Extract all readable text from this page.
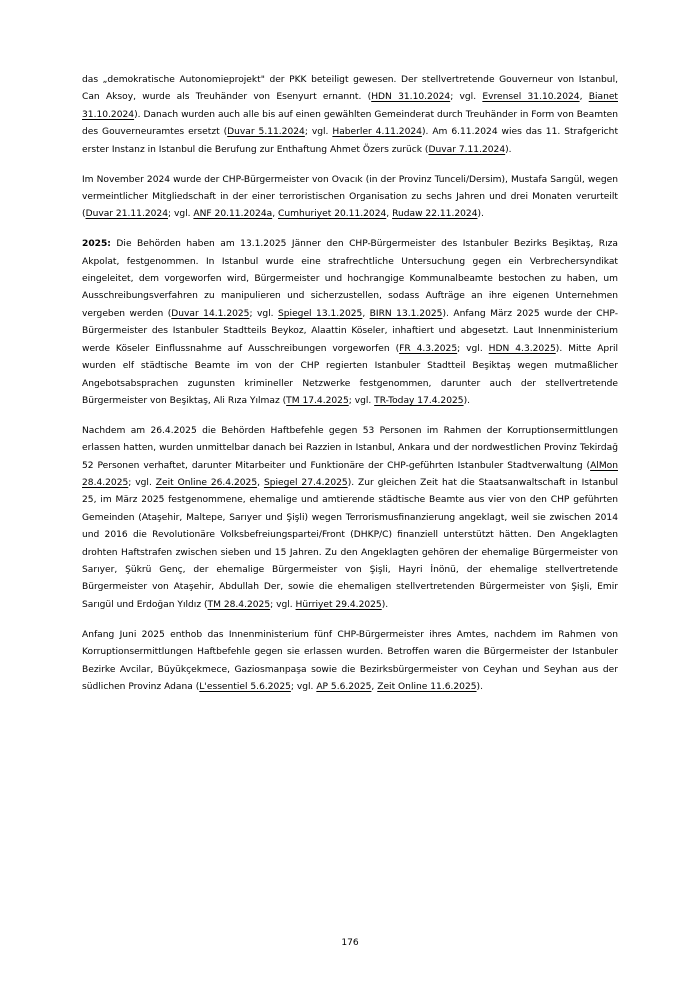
das „demokratische Autonomieprojekt" der PKK beteiligt gewesen. Der stellvertretende Gouverneur von Istanbul, Can Aksoy, wurde als Treuhänder von Esenyurt ernannt. (HDN 31.10.2024; vgl. Evrensel 31.10.2024, Bianet 31.10.2024). Danach wurden auch alle bis auf einen gewählten Gemeinderat durch Treuhänder in Form von Beamten des Gouverneuramtes ersetzt (Duvar 5.11.2024; vgl. Haberler 4.11.2024). Am 6.11.2024 wies das 11. Strafgericht erster Instanz in Istanbul die Berufung zur Enthaftung Ahmet Özers zurück (Duvar 7.11.2024).

Im November 2024 wurde der CHP-Bürgermeister von Ovacık (in der Provinz Tunceli/Dersim), Mustafa Sarıgül, wegen vermeintlicher Mitgliedschaft in der einer terroristischen Organisation zu sechs Jahren und drei Monaten verurteilt (Duvar 21.11.2024; vgl. ANF 20.11.2024a, Cumhuriyet 20.11.2024, Rudaw 22.11.2024).

2025: Die Behörden haben am 13.1.2025 Jänner den CHP-Bürgermeister des Istanbuler Bezirks Beşiktaş, Rıza Akpolat, festgenommen. In Istanbul wurde eine strafrechtliche Untersuchung gegen ein Verbrechersyndikat eingeleitet, dem vorgeworfen wird, Bürgermeister und hochrangige Kommunalbeamte bestochen zu haben, um Ausschreibungsverfahren zu manipulieren und sicherzustellen, sodass Aufträge an ihre eigenen Unternehmen vergeben werden (Duvar 14.1.2025; vgl. Spiegel 13.1.2025, BIRN 13.1.2025). Anfang März 2025 wurde der CHP-Bürgermeister des Istanbuler Stadtteils Beykoz, Alaattin Köseler, inhaftiert und abgesetzt. Laut Innenministerium werde Köseler Einflussnahme auf Ausschreibungen vorgeworfen (FR 4.3.2025; vgl. HDN 4.3.2025). Mitte April wurden elf städtische Beamte im von der CHP regierten Istanbuler Stadtteil Beşiktaş wegen mutmaßlicher Angebotsabsprachen zugunsten krimineller Netzwerke festgenommen, darunter auch der stellvertretende Bürgermeister von Beşiktaş, Ali Rıza Yılmaz (TM 17.4.2025; vgl. TR-Today 17.4.2025).

Nachdem am 26.4.2025 die Behörden Haftbefehle gegen 53 Personen im Rahmen der Korruptionsermittlungen erlassen hatten, wurden unmittelbar danach bei Razzien in Istanbul, Ankara und der nordwestlichen Provinz Tekirdağ 52 Personen verhaftet, darunter Mitarbeiter und Funktionäre der CHP-geführten Istanbuler Stadtverwaltung (AlMon 28.4.2025; vgl. Zeit Online 26.4.2025, Spiegel 27.4.2025). Zur gleichen Zeit hat die Staatsanwaltschaft in Istanbul 25, im März 2025 festgenommene, ehemalige und amtierende städtische Beamte aus vier von den CHP geführten Gemeinden (Ataşehir, Maltepe, Sarıyer und Şişli) wegen Terrorismusfinanzierung angeklagt, weil sie zwischen 2014 und 2016 die Revolutionäre Volksbefreiungspartei/Front (DHKP/C) finanziell unterstützt hätten. Den Angeklagten drohten Haftstrafen zwischen sieben und 15 Jahren. Zu den Angeklagten gehören der ehemalige Bürgermeister von Sarıyer, Şükrü Genç, der ehemalige Bürgermeister von Şişli, Hayri İnönü, der ehemalige stellvertretende Bürgermeister von Ataşehir, Abdullah Der, sowie die ehemaligen stellvertretenden Bürgermeister von Şişli, Emir Sarıgül und Erdoğan Yıldız (TM 28.4.2025; vgl. Hürriyet 29.4.2025).

Anfang Juni 2025 enthob das Innenministerium fünf CHP-Bürgermeister ihres Amtes, nachdem im Rahmen von Korruptionsermittlungen Haftbefehle gegen sie erlassen wurden. Betroffen waren die Bürgermeister der Istanbuler Bezirke Avcilar, Büyükçekmece, Gaziosmanpaşa sowie die Bezirksbürgermeister von Ceyhan und Seyhan aus der südlichen Provinz Adana (L'essentiel 5.6.2025; vgl. AP 5.6.2025, Zeit Online 11.6.2025).

176
